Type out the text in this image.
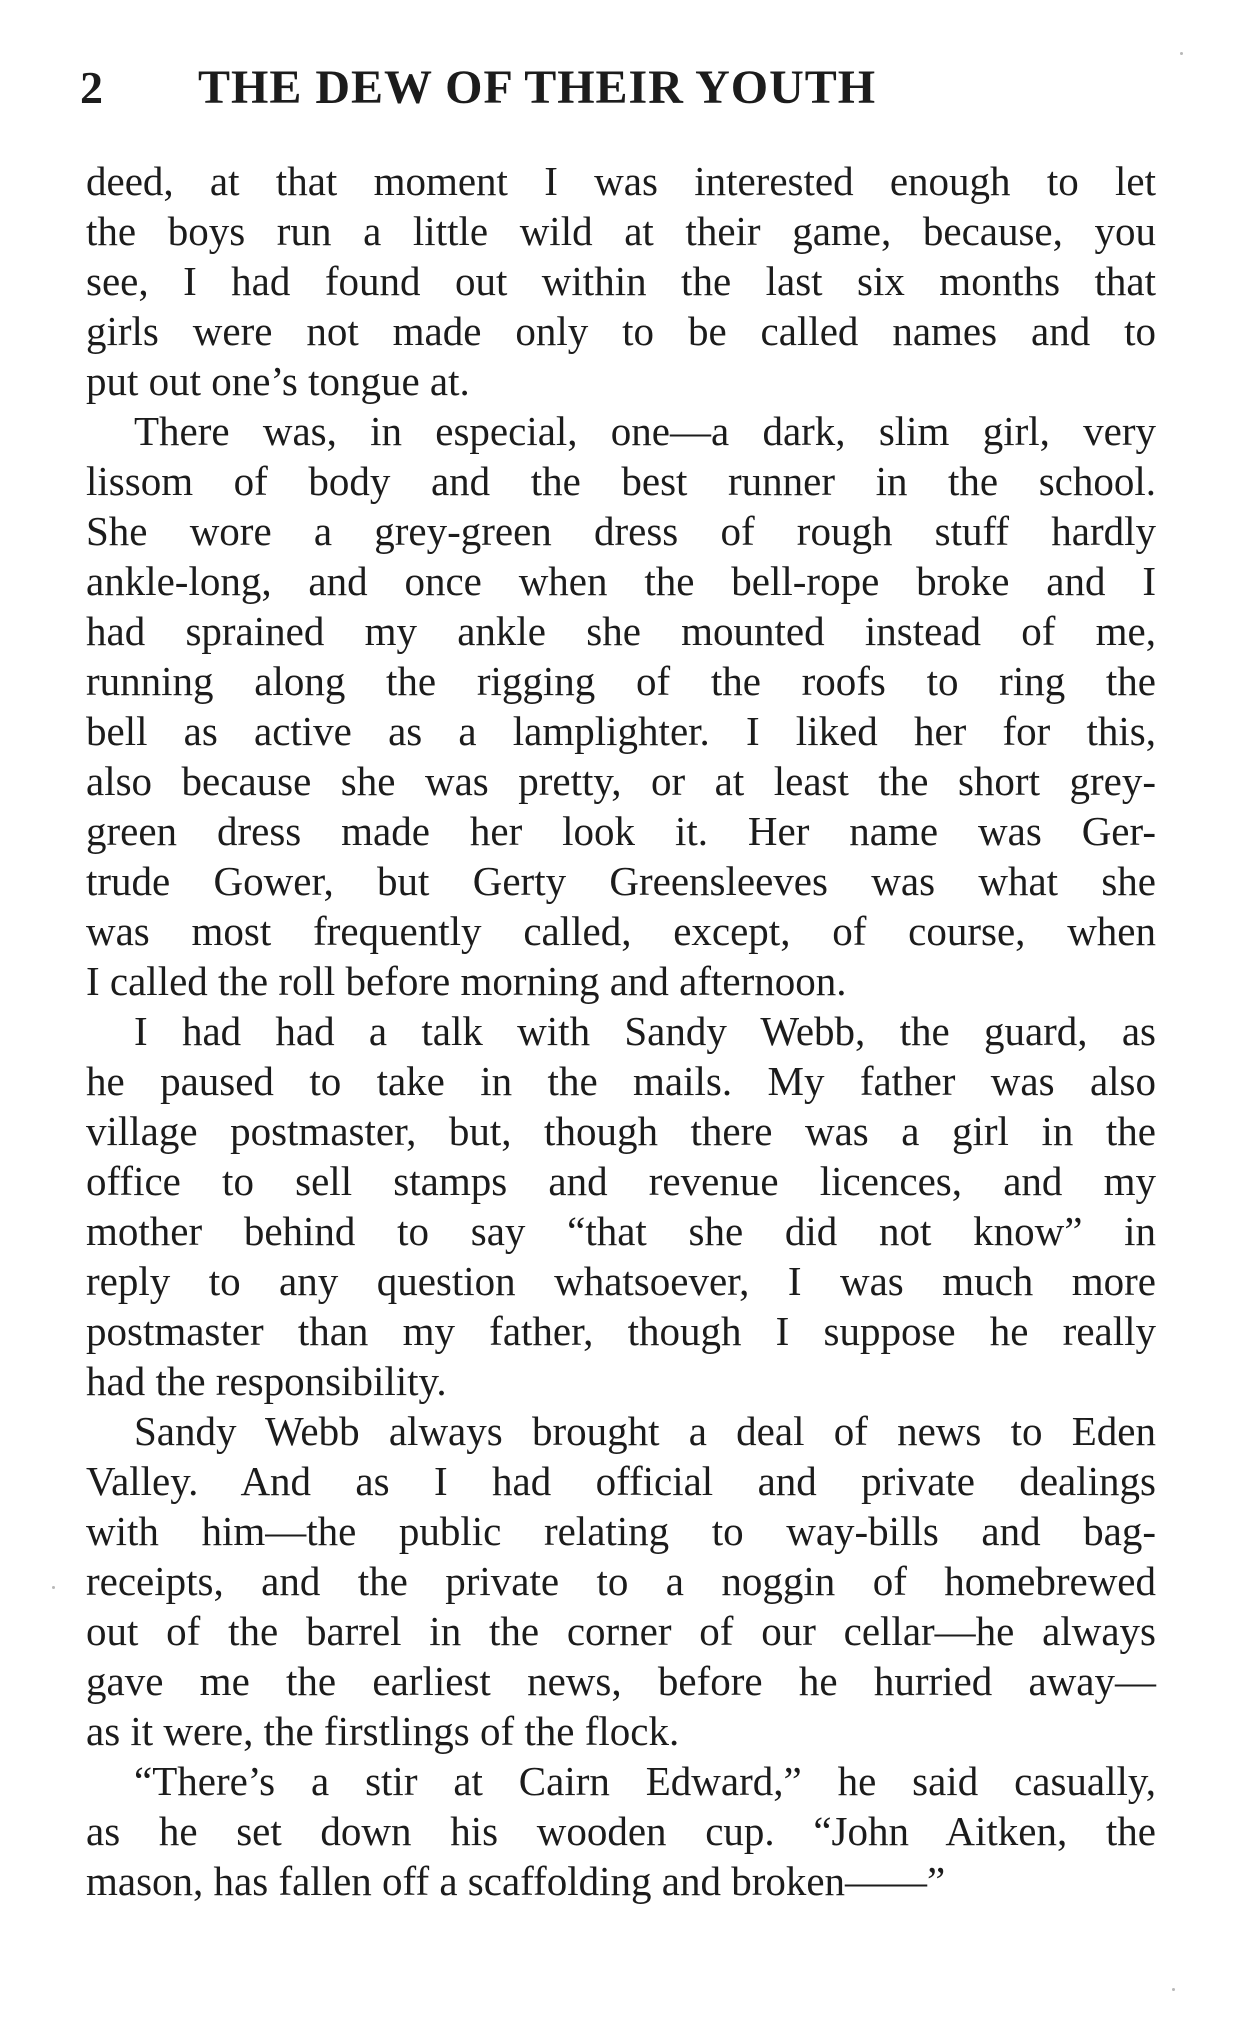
2 THE DEW OF THEIR YOUTH
deed, at that moment I was interested enough to let
the boys run a little wild at their game, because, you
see, I had found out within the last six months that
girls were not made only to be called names and to
put out one’s tongue at.
There was, in especial, one—a dark, slim girl, very
lissom of body and the best runner in the school.
She wore a grey-green dress of rough stuff hardly
ankle-long, and once when the bell-rope broke and I
had sprained my ankle she mounted instead of me,
running along the rigging of the roofs to ring the
bell as active as a lamplighter. I liked her for this,
also because she was pretty, or at least the short grey-
green dress made her look it. Her name was Ger-
trude Gower, but Gerty Greensleeves was what she
was most frequently called, except, of course, when
I called the roll before morning and afternoon.
I had had a talk with Sandy Webb, the guard, as
he paused to take in the mails. My father was also
village postmaster, but, though there was a girl in the
office to sell stamps and revenue licences, and my
mother behind to say “that she did not know” in
reply to any question whatsoever, I was much more
postmaster than my father, though I suppose he really
had the responsibility.
Sandy Webb always brought a deal of news to Eden
Valley. And as I had official and private dealings
with him—the public relating to way-bills and bag-
receipts, and the private to a noggin of homebrewed
out of the barrel in the corner of our cellar—he always
gave me the earliest news, before he hurried away—
as it were, the firstlings of the flock.
“There’s a stir at Cairn Edward,” he said casually,
as he set down his wooden cup. “John Aitken, the
mason, has fallen off a scaffolding and broken——”
